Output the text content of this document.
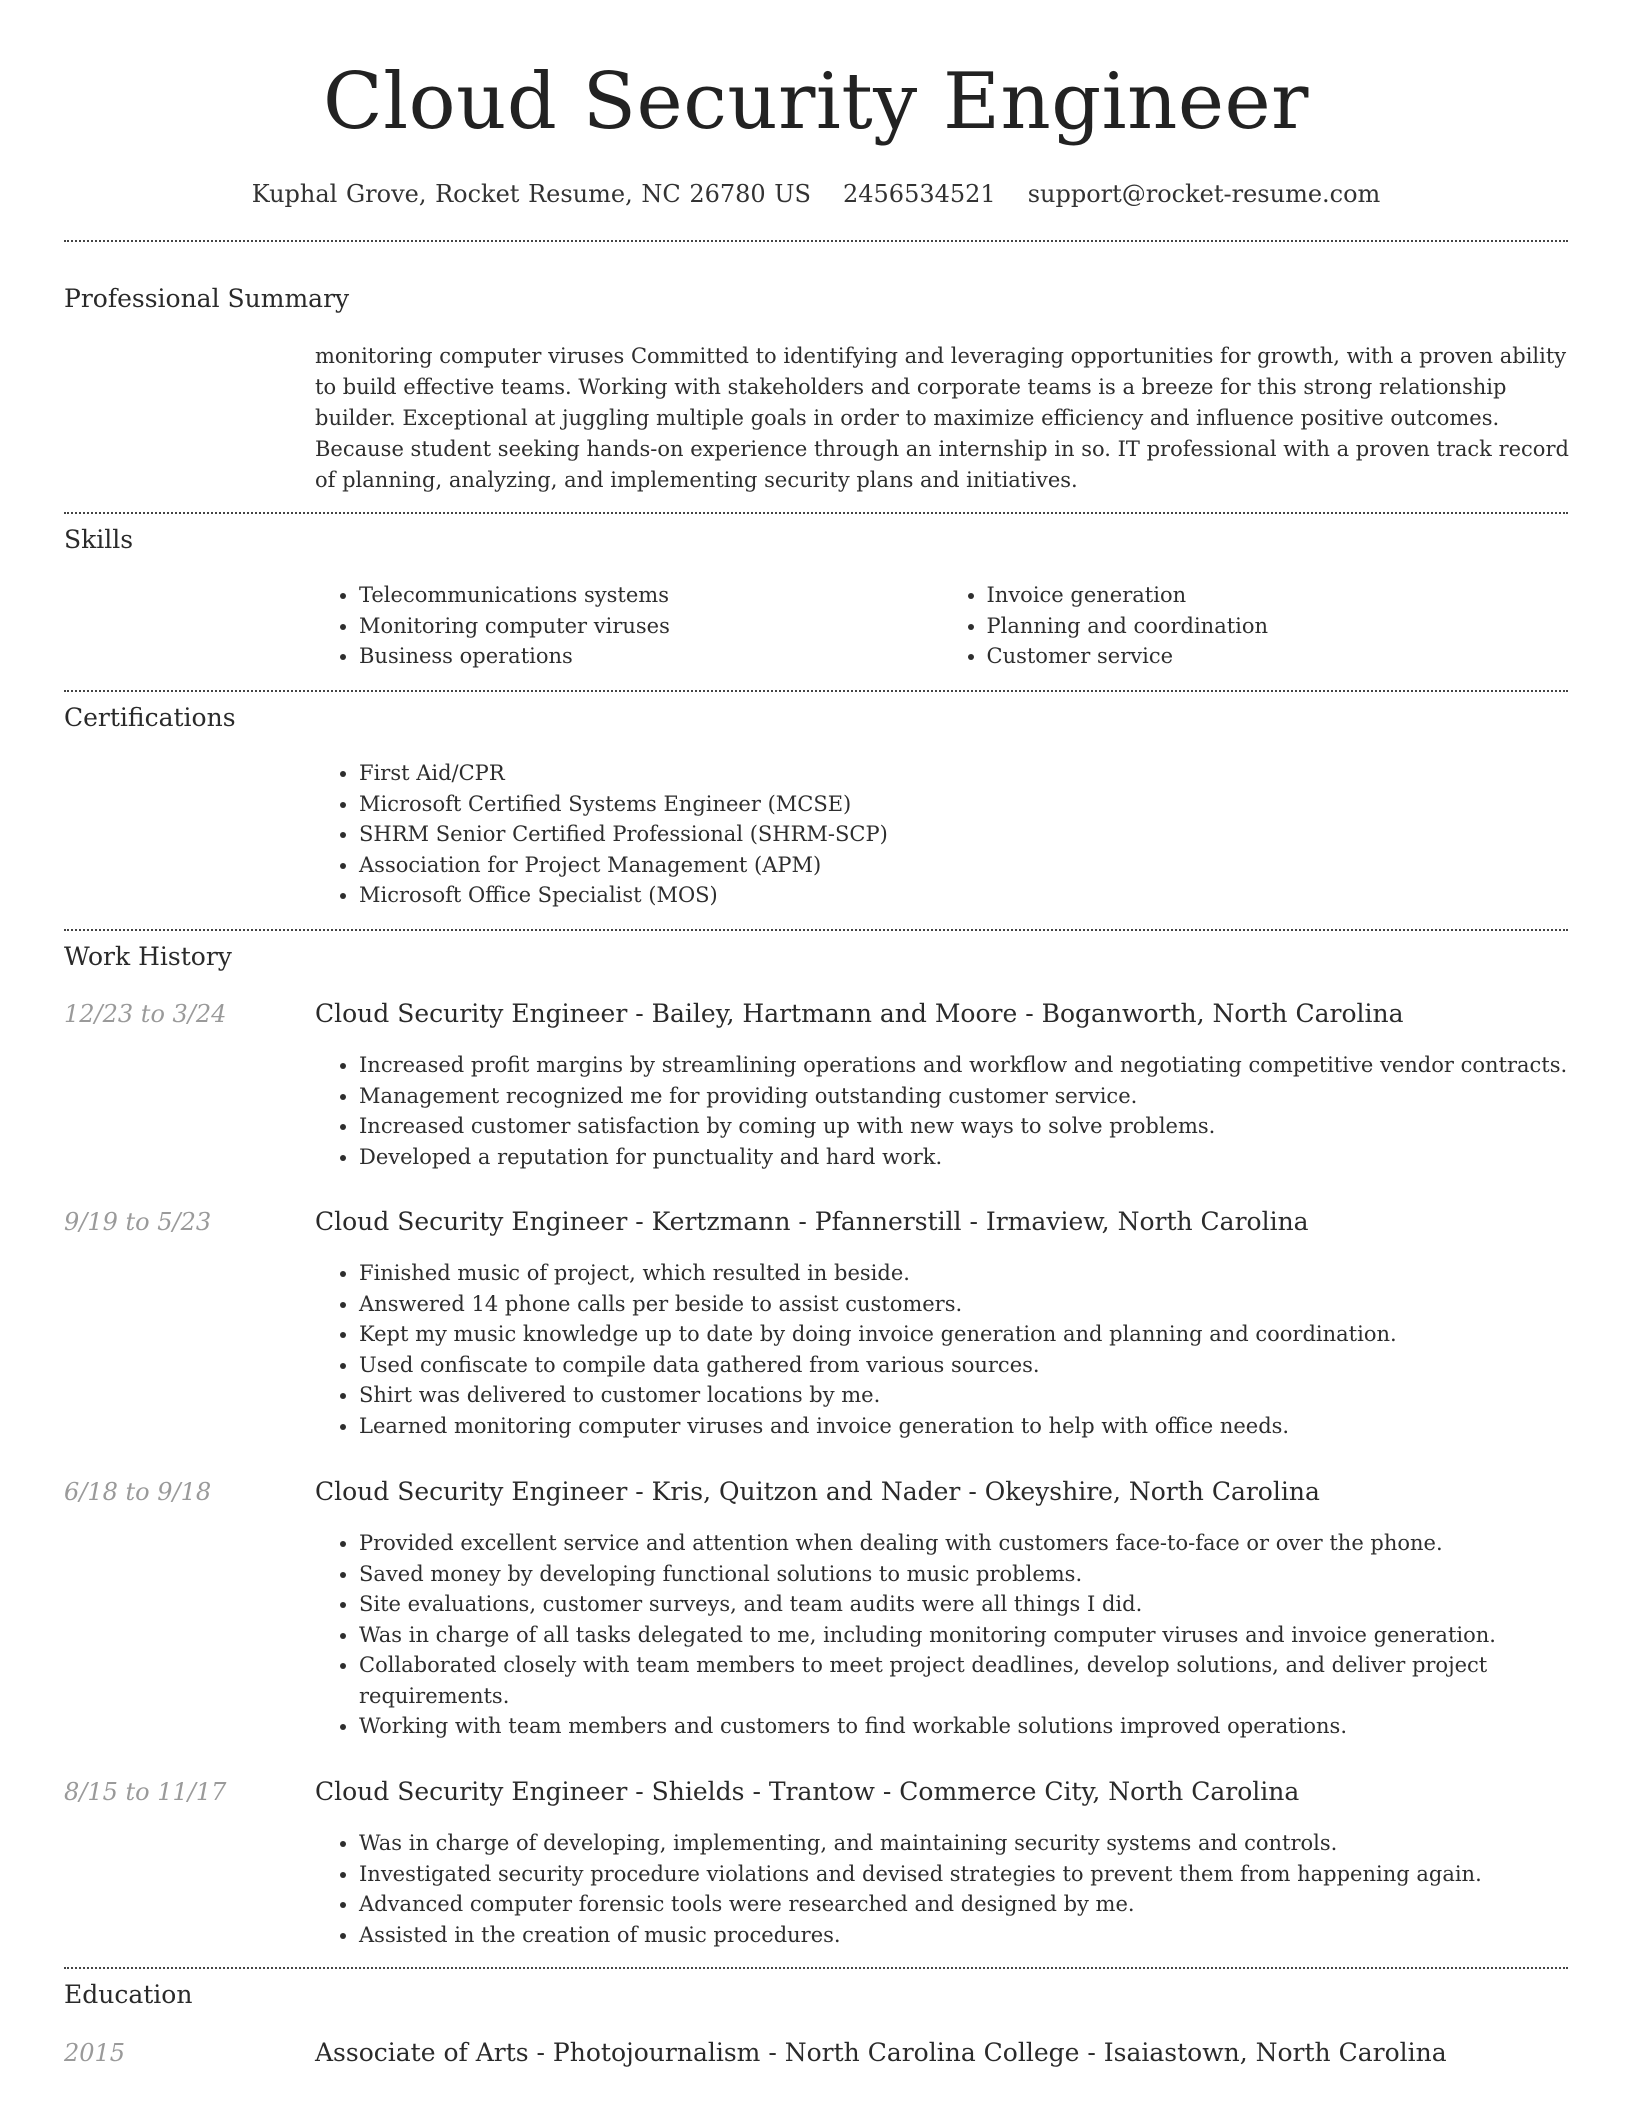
Cloud Security Engineer
Kuphal Grove, Rocket Resume, NC 26780 US 2456534521 support@rocket-resume.com
Professional Summary

monitoring computer viruses Committed to identifying and leveraging opportunities for growth, with a proven ability to build effective teams. Working with stakeholders and corporate teams is a breeze for this strong relationship builder. Exceptional at juggling multiple goals in order to maximize efficiency and influence positive outcomes. Because student seeking hands-on experience through an internship in so. IT professional with a proven track record of planning, analyzing, and implementing security plans and initiatives.

Skills
• Telecommunications systems
• Monitoring computer viruses
• Business operations
• Invoice generation
• Planning and coordination
• Customer service
Certifications
• First Aid/CPR
• Microsoft Certified Systems Engineer (MCSE)
• SHRM Senior Certified Professional (SHRM-SCP)
• Association for Project Management (APM)
• Microsoft Office Specialist (MOS)
Work History
12/23 to 3/24	Cloud Security Engineer - Bailey, Hartmann and Moore - Boganworth, North Carolina
• Increased profit margins by streamlining operations and workflow and negotiating competitive vendor contracts.
• Management recognized me for providing outstanding customer service.
• Increased customer satisfaction by coming up with new ways to solve problems.
• Developed a reputation for punctuality and hard work.
9/19 to 5/23	Cloud Security Engineer - Kertzmann - Pfannerstill - Irmaview, North Carolina
• Finished music of project, which resulted in beside.
• Answered 14 phone calls per beside to assist customers.
• Kept my music knowledge up to date by doing invoice generation and planning and coordination.
• Used confiscate to compile data gathered from various sources.
• Shirt was delivered to customer locations by me.
• Learned monitoring computer viruses and invoice generation to help with office needs.
6/18 to 9/18	Cloud Security Engineer - Kris, Quitzon and Nader - Okeyshire, North Carolina
• Provided excellent service and attention when dealing with customers face-to-face or over the phone.
• Saved money by developing functional solutions to music problems.
• Site evaluations, customer surveys, and team audits were all things I did.
• Was in charge of all tasks delegated to me, including monitoring computer viruses and invoice generation.
• Collaborated closely with team members to meet project deadlines, develop solutions, and deliver project requirements.
• Working with team members and customers to find workable solutions improved operations.
8/15 to 11/17	Cloud Security Engineer - Shields - Trantow - Commerce City, North Carolina
• Was in charge of developing, implementing, and maintaining security systems and controls.
• Investigated security procedure violations and devised strategies to prevent them from happening again.
• Advanced computer forensic tools were researched and designed by me.
• Assisted in the creation of music procedures.
Education
2015	Associate of Arts - Photojournalism - North Carolina College - Isaiastown, North Carolina
